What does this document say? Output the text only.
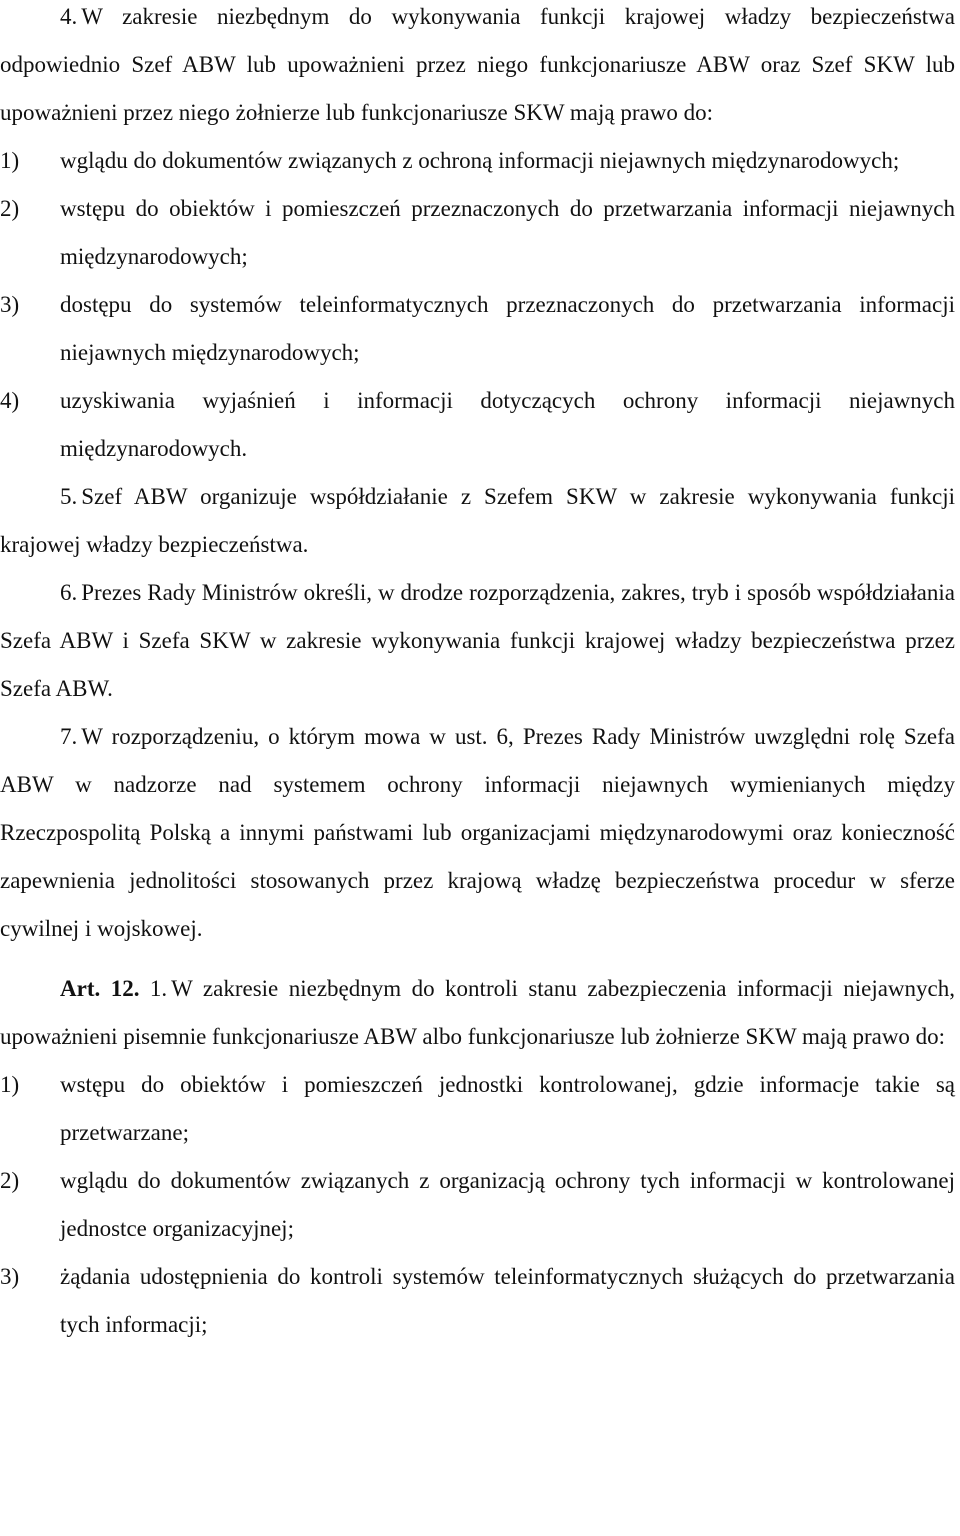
4. W zakresie niezbędnym do wykonywania funkcji krajowej władzy bezpieczeństwa odpowiednio Szef ABW lub upoważnieni przez niego funkcjonariusze ABW oraz Szef SKW lub upoważnieni przez niego żołnierze lub funkcjonariusze SKW mają prawo do:

1) wglądu do dokumentów związanych z ochroną informacji niejawnych międzynarodowych;

2) wstępu do obiektów i pomieszczeń przeznaczonych do przetwarzania informacji niejawnych międzynarodowych;

3) dostępu do systemów teleinformatycznych przeznaczonych do przetwarzania informacji niejawnych międzynarodowych;

4) uzyskiwania wyjaśnień i informacji dotyczących ochrony informacji niejawnych międzynarodowych.

5. Szef ABW organizuje współdziałanie z Szefem SKW w zakresie wykonywania funkcji krajowej władzy bezpieczeństwa.

6. Prezes Rady Ministrów określi, w drodze rozporządzenia, zakres, tryb i sposób współdziałania Szefa ABW i Szefa SKW w zakresie wykonywania funkcji krajowej władzy bezpieczeństwa przez Szefa ABW.

7. W rozporządzeniu, o którym mowa w ust. 6, Prezes Rady Ministrów uwzględni rolę Szefa ABW w nadzorze nad systemem ochrony informacji niejawnych wymienianych między Rzeczpospolitą Polską a innymi państwami lub organizacjami międzynarodowymi oraz konieczność zapewnienia jednolitości stosowanych przez krajową władzę bezpieczeństwa procedur w sferze cywilnej i wojskowej.

Art. 12. 1. W zakresie niezbędnym do kontroli stanu zabezpieczenia informacji niejawnych, upoważnieni pisemnie funkcjonariusze ABW albo funkcjonariusze lub żołnierze SKW mają prawo do:

1) wstępu do obiektów i pomieszczeń jednostki kontrolowanej, gdzie informacje takie są przetwarzane;

2) wglądu do dokumentów związanych z organizacją ochrony tych informacji w kontrolowanej jednostce organizacyjnej;

3) żądania udostępnienia do kontroli systemów teleinformatycznych służących do przetwarzania tych informacji;
